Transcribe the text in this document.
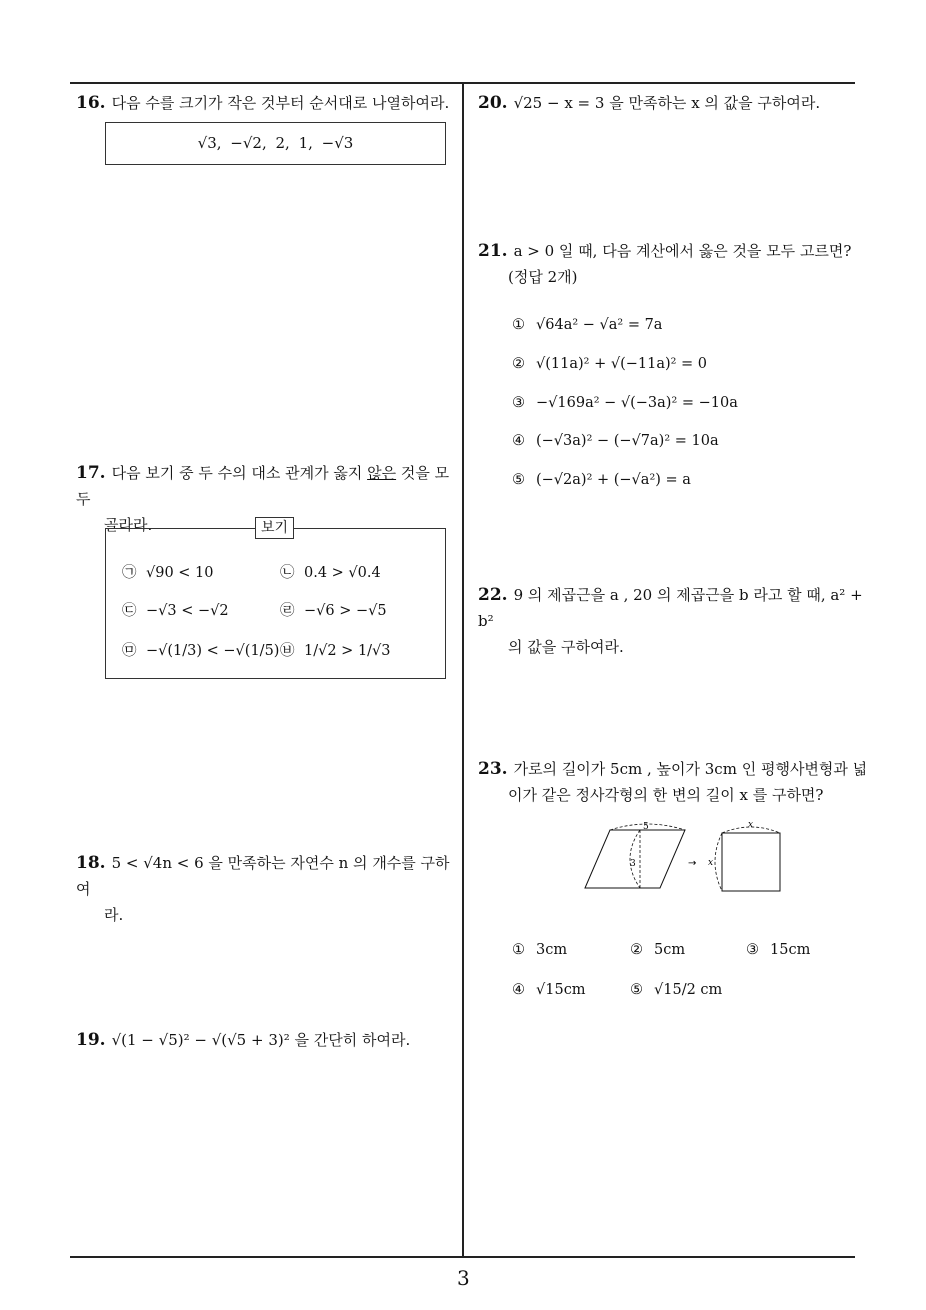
3
16. 다음 수를 크기가 작은 것부터 순서대로 나열하여라.
√3, −√2, 2, 1, −√3
17. 다음 보기 중 두 수의 대소 관계가 옳지 않은 것을 모두
골라라.	보기
㉠ √90 < 10	㉡ 0.4 > √0.4
㉢ −√3 < −√2	㉣ −√6 > −√5
㉤ −√(1/3) < −√(1/5) ㉥ 1/√2 > 1/√3
18. 5 < √4n < 6 을 만족하는 자연수 n 의 개수를 구하여
라.
19. √(1 − √5)² − √(√5 + 3)² 을 간단히 하여라.
20. √25 − x = 3 을 만족하는 x 의 값을 구하여라.
21. a > 0 일 때, 다음 계산에서 옳은 것을 모두 고르면?
(정답 2개)
① √64a² − √a² = 7a
② √(11a)² + √(−11a)² = 0
③ −√169a² − √(−3a)² = −10a
④ (−√3a)² − (−√7a)² = 10a
⑤ (−√2a)² + (−√a²) = a
22. 9 의 제곱근을 a , 20 의 제곱근을 b 라고 할 때, a² + b²
의 값을 구하여라.
23. 가로의 길이가 5cm , 높이가 3cm 인 평행사변형과 넓
이가 같은 정사각형의 한 변의 길이 x 를 구하면?
5
3	→
x
x
① 3cm	② 5cm	③ 15cm
④ √15cm	⑤ √15/2 cm
